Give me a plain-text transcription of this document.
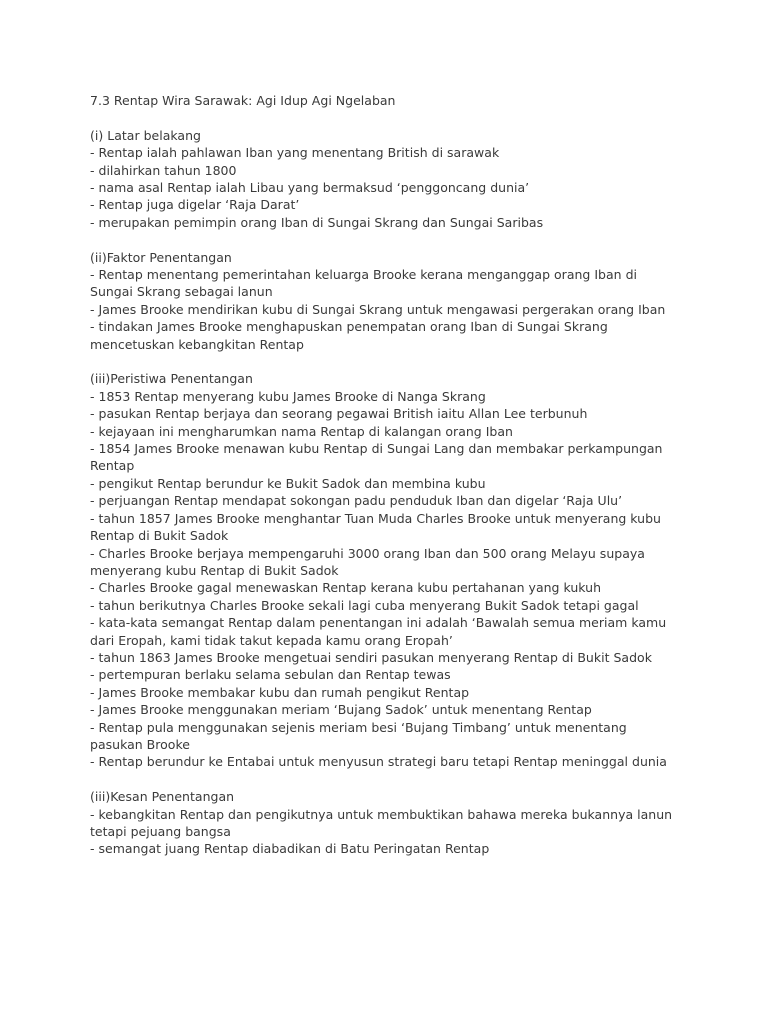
7.3 Rentap Wira Sarawak: Agi Idup Agi Ngelaban
(i) Latar belakang
- Rentap ialah pahlawan Iban yang menentang British di sarawak
- dilahirkan tahun 1800
- nama asal Rentap ialah Libau yang bermaksud ‘penggoncang dunia’
- Rentap juga digelar ‘Raja Darat’
- merupakan pemimpin orang Iban di Sungai Skrang dan Sungai Saribas
(ii)Faktor Penentangan
- Rentap menentang pemerintahan keluarga Brooke kerana menganggap orang Iban di
Sungai Skrang sebagai lanun
- James Brooke mendirikan kubu di Sungai Skrang untuk mengawasi pergerakan orang Iban
- tindakan James Brooke menghapuskan penempatan orang Iban di Sungai Skrang
mencetuskan kebangkitan Rentap
(iii)Peristiwa Penentangan
- 1853 Rentap menyerang kubu James Brooke di Nanga Skrang
- pasukan Rentap berjaya dan seorang pegawai British iaitu Allan Lee terbunuh
- kejayaan ini mengharumkan nama Rentap di kalangan orang Iban
- 1854 James Brooke menawan kubu Rentap di Sungai Lang dan membakar perkampungan
Rentap
- pengikut Rentap berundur ke Bukit Sadok dan membina kubu
- perjuangan Rentap mendapat sokongan padu penduduk Iban dan digelar ‘Raja Ulu’
- tahun 1857 James Brooke menghantar Tuan Muda Charles Brooke untuk menyerang kubu
Rentap di Bukit Sadok
- Charles Brooke berjaya mempengaruhi 3000 orang Iban dan 500 orang Melayu supaya
menyerang kubu Rentap di Bukit Sadok
- Charles Brooke gagal menewaskan Rentap kerana kubu pertahanan yang kukuh
- tahun berikutnya Charles Brooke sekali lagi cuba menyerang Bukit Sadok tetapi gagal
- kata-kata semangat Rentap dalam penentangan ini adalah ‘Bawalah semua meriam kamu
dari Eropah, kami tidak takut kepada kamu orang Eropah’
- tahun 1863 James Brooke mengetuai sendiri pasukan menyerang Rentap di Bukit Sadok
- pertempuran berlaku selama sebulan dan Rentap tewas
- James Brooke membakar kubu dan rumah pengikut Rentap
- James Brooke menggunakan meriam ‘Bujang Sadok’ untuk menentang Rentap
- Rentap pula menggunakan sejenis meriam besi ‘Bujang Timbang’ untuk menentang
pasukan Brooke
- Rentap berundur ke Entabai untuk menyusun strategi baru tetapi Rentap meninggal dunia
(iii)Kesan Penentangan
- kebangkitan Rentap dan pengikutnya untuk membuktikan bahawa mereka bukannya lanun
tetapi pejuang bangsa
- semangat juang Rentap diabadikan di Batu Peringatan Rentap
